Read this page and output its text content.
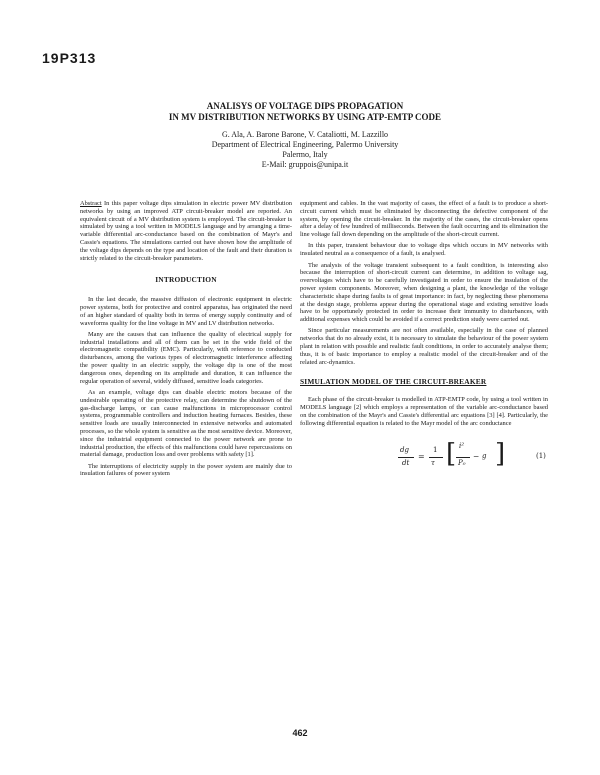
19P313
ANALISYS OF VOLTAGE DIPS PROPAGATION
IN MV DISTRIBUTION NETWORKS BY USING ATP-EMTP CODE
G. Ala, A. Barone Barone, V. Cataliotti, M. Lazzillo
Department of Electrical Engineering, Palermo University
Palermo, Italy
E-Mail: gruppois@unipa.it

Abstract In this paper voltage dips simulation in electric power MV distribution networks by using an improved ATP circuit-breaker model are reported. An equivalent circuit of a MV distribution system is employed. The circuit-breaker is simulated by using a tool written in MODELS language and by arranging a time-variable differential arc-conductance based on the combination of Mayr's and Cassie's equations. The simulations carried out have shown how the amplitude of the voltage dips depends on the type and location of the fault and their duration is strictly related to the circuit-breaker parameters.

INTRODUCTION

In the last decade, the massive diffusion of electronic equipment in electric power systems, both for protective and control apparatus, has originated the need of an higher standard of quality both in terms of energy supply continuity and of waveforms quality for the line voltage in MV and LV distribution networks.

Many are the causes that can influence the quality of electrical supply for industrial installations and all of them can be set in the wide field of the electromagnetic compatibility (EMC). Particularly, with reference to conducted disturbances, among the various types of electromagnetic interference affecting the power quality in an electric supply, the voltage dip is one of the most dangerous ones, depending on its amplitude and duration, it can influence the regular operation of several, widely diffused, sensitive loads categories.

As an example, voltage dips can disable electric motors because of the undesirable operating of the protective relay, can determine the shutdown of the gas-discharge lamps, or can cause malfunctions in microprocessor control systems, programmable controllers and induction heating furnaces. Besides, these sensitive loads are usually interconnected in extensive networks and automated processes, so the whole system is sensitive as the most sensitive device. Moreover, since the industrial equipment connected to the power network are prone to industrial production, the effects of this malfunctions could have repercussions on material damage, production loss and over problems with safety [1].

The interruptions of electricity supply in the power system are mainly due to insulation failures of power system

equipment and cables. In the vast majority of cases, the effect of a fault is to produce a short-circuit current which must be eliminated by disconnecting the defective component of the system, by opening the circuit-breaker. In the majority of the cases, the circuit-breaker opens after a delay of few hundred of milliseconds. Between the fault occurring and its elimination the line voltage fall down depending on the amplitude of the short-circuit current.

In this paper, transient behaviour due to voltage dips which occurs in MV networks with insulated neutral as a consequence of a fault, is analysed.

The analysis of the voltage transient subsequent to a fault condition, is interesting also because the interruption of short-circuit current can determine, in addition to voltage sag, overvoltages which have to be carefully investigated in order to ensure the insulation of the power system components. Moreover, when designing a plant, the knowledge of the voltage characteristic shape during faults is of great importance: in fact, by neglecting these phenomena at the design stage, problems appear during the operational stage and existing sensitive loads have to be opportunely protected in order to increase their immunity to disturbances, with additional expenses which could be avoided if a correct prediction study were carried out.

Since particular measurements are not often available, especially in the case of planned networks that do no already exist, it is necessary to simulate the behaviour of the power system plant in relation with possible and realistic fault conditions, in order to accurately analyse them; thus, it is of basic importance to employ a realistic model of the circuit-breaker and of the related arc-dynamics.

SIMULATION MODEL OF THE CIRCUIT-BREAKER

Each phase of the circuit-breaker is modelled in ATP-EMTP code, by using a tool written in MODELS language [2] which employs a representation of the variable arc-conductance based on the combination of the Mayr's and Cassie's differential arc equations [3] [4]. Particularly, the following differential equation is related to the Mayr model of the arc conductance

dg
dt
=
1
τ [ i²
P₀
− g ]	(1)
462
